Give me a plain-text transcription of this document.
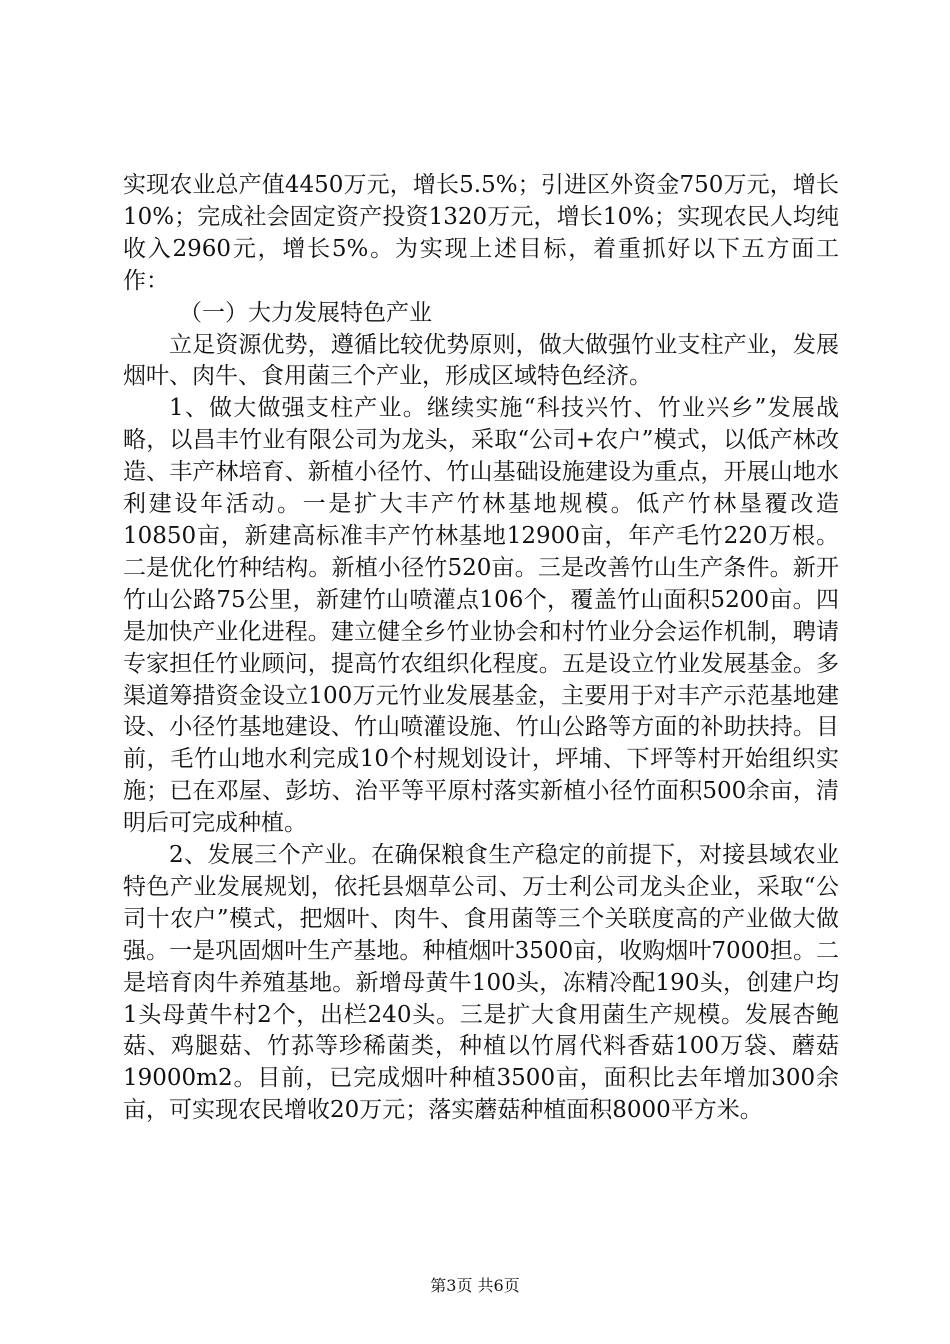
实现农业总产值4450万元，增长5.5%；引进区外资金750万元，增长10%；完成社会固定资产投资1320万元，增长10%；实现农民人均纯收入2960元，增长5%。为实现上述目标，着重抓好以下五方面工作：

（一）大力发展特色产业

立足资源优势，遵循比较优势原则，做大做强竹业支柱产业，发展烟叶、肉牛、食用菌三个产业，形成区域特色经济。

1、做大做强支柱产业。继续实施“科技兴竹、竹业兴乡”发展战略，以昌丰竹业有限公司为龙头，采取“公司+农户”模式，以低产林改造、丰产林培育、新植小径竹、竹山基础设施建设为重点，开展山地水利建设年活动。一是扩大丰产竹林基地规模。低产竹林垦覆改造10850亩，新建高标准丰产竹林基地12900亩，年产毛竹220万根。二是优化竹种结构。新植小径竹520亩。三是改善竹山生产条件。新开竹山公路75公里，新建竹山喷灌点106个，覆盖竹山面积5200亩。四是加快产业化进程。建立健全乡竹业协会和村竹业分会运作机制，聘请专家担任竹业顾问，提高竹农组织化程度。五是设立竹业发展基金。多渠道筹措资金设立100万元竹业发展基金，主要用于对丰产示范基地建设、小径竹基地建设、竹山喷灌设施、竹山公路等方面的补助扶持。目前，毛竹山地水利完成10个村规划设计，坪埔、下坪等村开始组织实施；已在邓屋、彭坊、治平等平原村落实新植小径竹面积500余亩，清明后可完成种植。

2、发展三个产业。在确保粮食生产稳定的前提下，对接县域农业特色产业发展规划，依托县烟草公司、万士利公司龙头企业，采取“公司十农户”模式，把烟叶、肉牛、食用菌等三个关联度高的产业做大做强。一是巩固烟叶生产基地。种植烟叶3500亩，收购烟叶7000担。二是培育肉牛养殖基地。新增母黄牛100头，冻精冷配190头，创建户均1头母黄牛村2个，出栏240头。三是扩大食用菌生产规模。发展杏鲍菇、鸡腿菇、竹荪等珍稀菌类，种植以竹屑代料香菇100万袋、蘑菇19000m2。目前，已完成烟叶种植3500亩，面积比去年增加300余亩，可实现农民增收20万元；落实蘑菇种植面积8000平方米。

第3页 共6页
